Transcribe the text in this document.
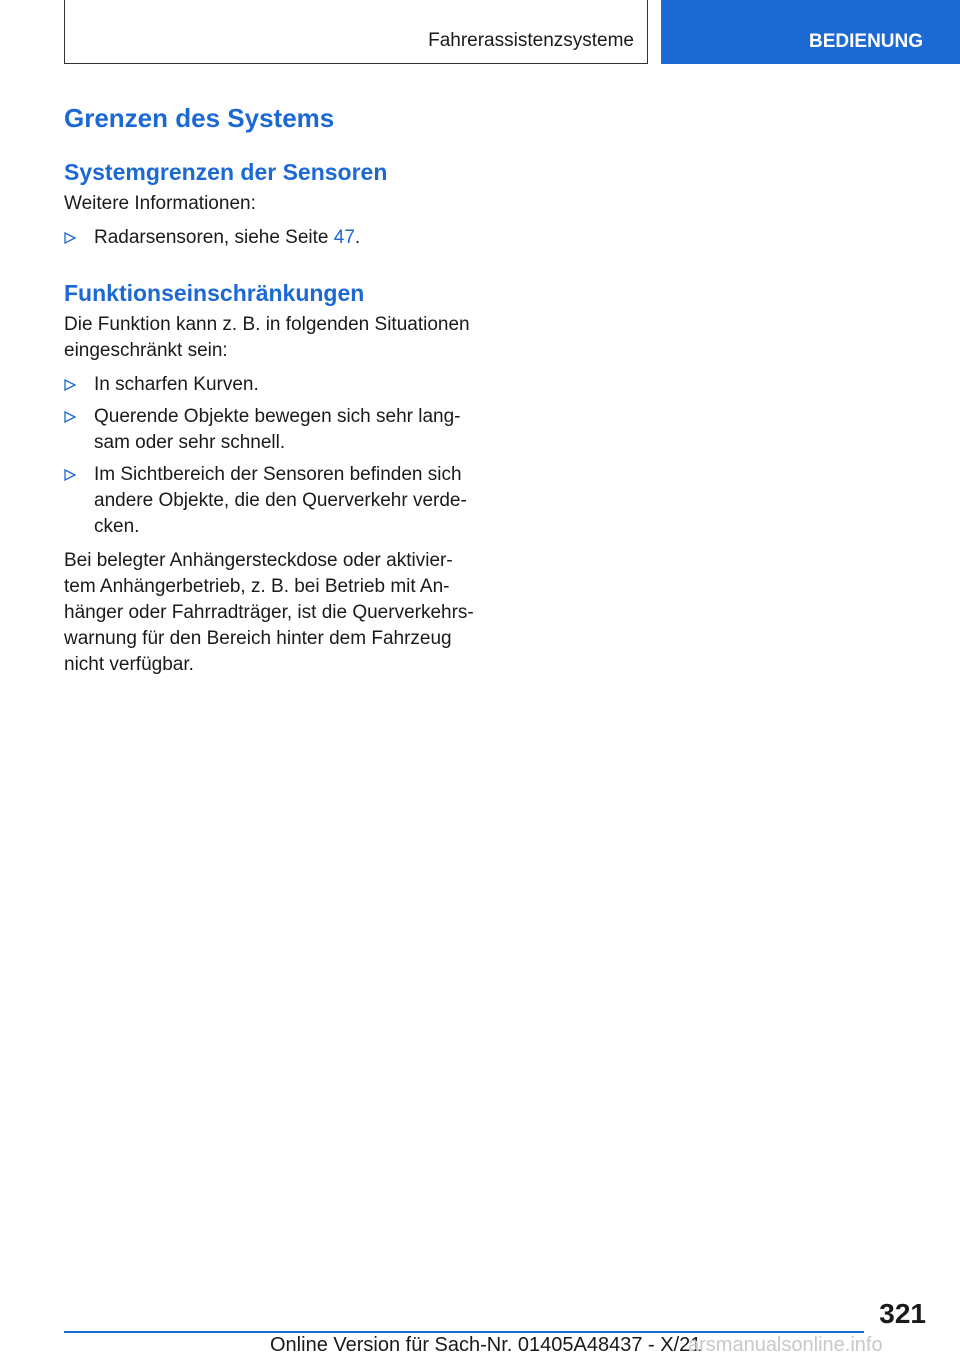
Fahrerassistenzsysteme	BEDIENUNG
Grenzen des Systems
Systemgrenzen der Sensoren

Weitere Informationen:

Radarsensoren, siehe Seite 47.
Funktionseinschränkungen

Die Funktion kann z. B. in folgenden Situationen eingeschränkt sein:

In scharfen Kurven.
Querende Objekte bewegen sich sehr lang-sam oder sehr schnell.
Im Sichtbereich der Sensoren befinden sich andere Objekte, die den Querverkehr verde-cken.

Bei belegter Anhängersteckdose oder aktivier-tem Anhängerbetrieb, z. B. bei Betrieb mit An-hänger oder Fahrradträger, ist die Querverkehrs-warnung für den Bereich hinter dem Fahrzeug nicht verfügbar.

321
Online Version für Sach-Nr. 01405A48437 - X/21
arsmanualsonline.info
